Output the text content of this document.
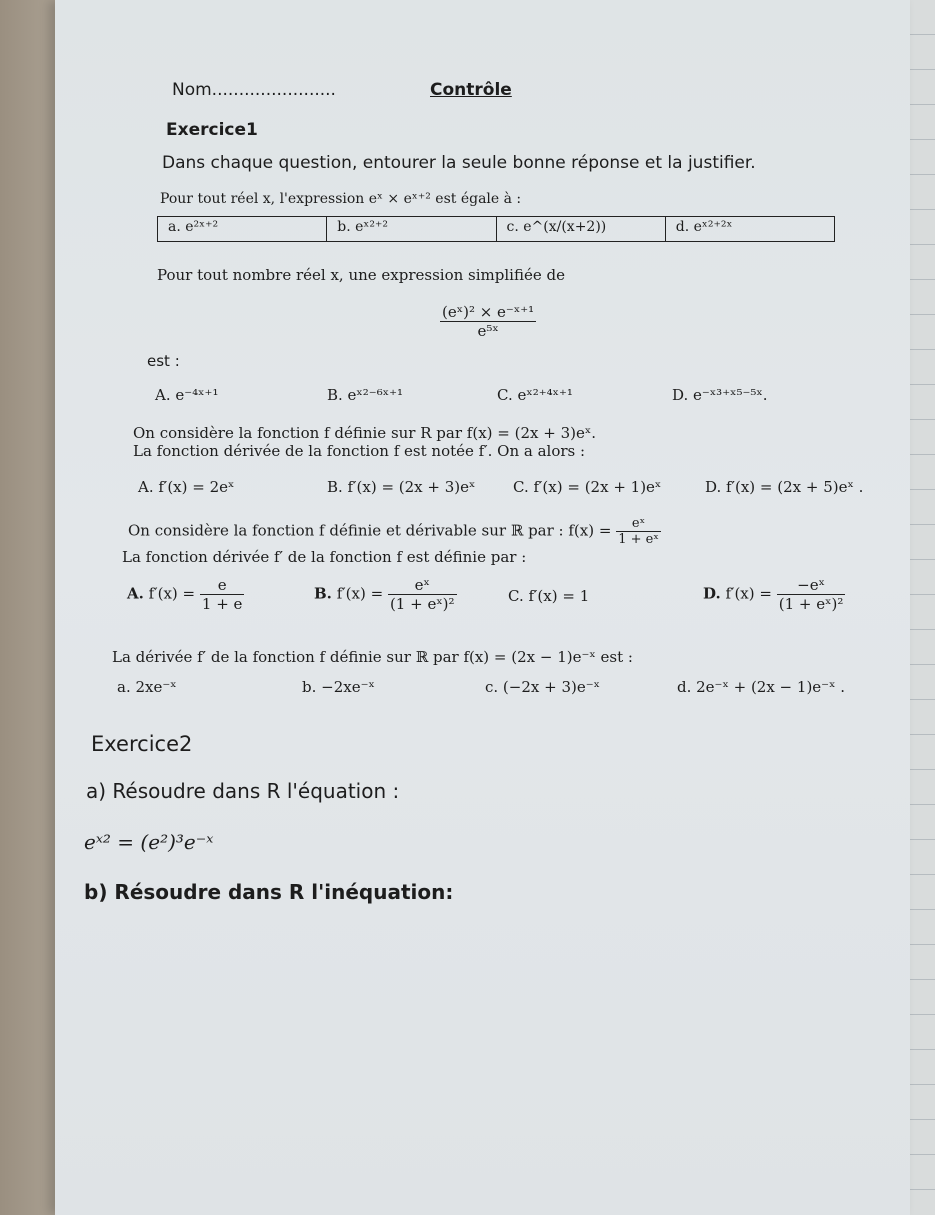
Nom.......................	Contrôle
Exercice1
Dans chaque question, entourer la seule bonne réponse et la justifier.
Pour tout réel x, l'expression eˣ × eˣ⁺² est égale à :
a. e²ˣ⁺²	b. eˣ²⁺²	c. e^(x/(x+2))	d. eˣ²⁺²ˣ
Pour tout nombre réel x, une expression simplifiée de
$\frac{\text{(eˣ)² × e⁻ˣ⁺¹}}{\text{e⁵ˣ}}$
est :
A. e⁻⁴ˣ⁺¹	B. eˣ²⁻⁶ˣ⁺¹	C. eˣ²⁺⁴ˣ⁺¹	D. e⁻ˣ³⁺ˣ⁵⁻⁵ˣ.
On considère la fonction f définie sur R par f(x) = (2x + 3)eˣ.
La fonction dérivée de la fonction f est notée f′. On a alors :
A. f′(x) = 2eˣ	B. f′(x) = (2x + 3)eˣ	C. f′(x) = (2x + 1)eˣ	D. f′(x) = (2x + 5)eˣ .
On considère la fonction f définie et dérivable sur ℝ par : $f(x) = \frac{\text{eˣ}}{\text{1 + eˣ}}$
La fonction dérivée f′ de la fonction f est définie par :
A. $f'(x) = \frac{e}{1 + e}$	B. $f'(x) = \frac{\text{eˣ}}{\text{(1 + eˣ)²}}$	C. f′(x) = 1	D. $f'(x) = \frac{\text{−eˣ}}{\text{(1 + eˣ)²}}$
La dérivée f′ de la fonction f définie sur ℝ par f(x) = (2x − 1)e⁻ˣ est :
a. 2xe⁻ˣ	b. −2xe⁻ˣ	c. (−2x + 3)e⁻ˣ	d. 2e⁻ˣ + (2x − 1)e⁻ˣ .
Exercice2
a) Résoudre dans R l'équation :
eˣ² = (e²)³e⁻ˣ
b) Résoudre dans R l'inéquation:
